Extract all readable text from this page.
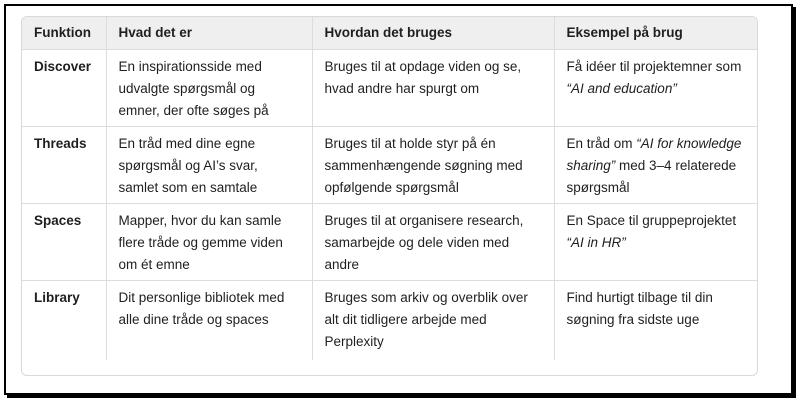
Funktion	Hvad det er	Hvordan det bruges	Eksempel på brug
Discover	En inspirationsside med udvalgte spørgsmål og emner, der ofte søges på	Bruges til at opdage viden og se, hvad andre har spurgt om	Få idéer til projektemner som “AI and education”
Threads	En tråd med dine egne spørgsmål og AI’s svar, samlet som en samtale	Bruges til at holde styr på én sammenhængende søgning med opfølgende spørgsmål	En tråd om “AI for knowledge sharing” med 3–4 relaterede spørgsmål
Spaces	Mapper, hvor du kan samle flere tråde og gemme viden om ét emne	Bruges til at organisere research, samarbejde og dele viden med andre	En Space til gruppeprojektet “AI in HR”
Library	Dit personlige bibliotek med alle dine tråde og spaces	Bruges som arkiv og overblik over alt dit tidligere arbejde med Perplexity	Find hurtigt tilbage til din søgning fra sidste uge
